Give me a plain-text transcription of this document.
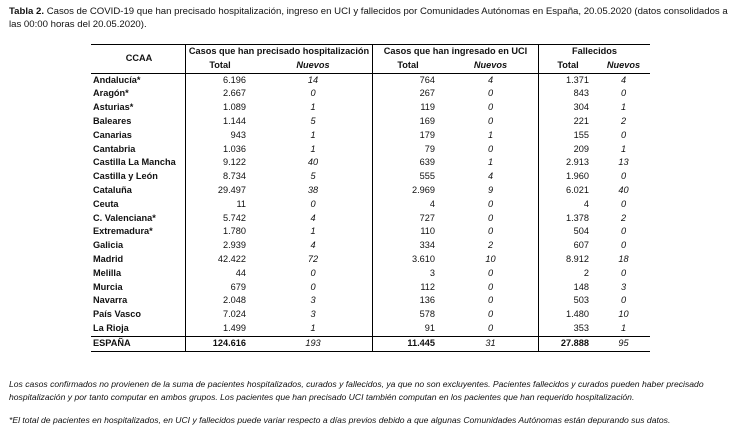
Tabla 2. Casos de COVID-19 que han precisado hospitalización, ingreso en UCI y fallecidos por Comunidades Autónomas en España, 20.05.2020 (datos consolidados a las 00:00 horas del 20.05.2020).
CCAA	Casos que han precisado hospitalización		Casos que han ingresado en UCI		Fallecidos	
	Total	Nuevos	Total	Nuevos	Total	Nuevos
Andalucía*	6.196	14	764	4	1.371	4
Aragón*	2.667	0	267	0	843	0
Asturias*	1.089	1	119	0	304	1
Baleares	1.144	5	169	0	221	2
Canarias	943	1	179	1	155	0
Cantabria	1.036	1	79	0	209	1
Castilla La Mancha	9.122	40	639	1	2.913	13
Castilla y León	8.734	5	555	4	1.960	0
Cataluña	29.497	38	2.969	9	6.021	40
Ceuta	11	0	4	0	4	0
C. Valenciana*	5.742	4	727	0	1.378	2
Extremadura*	1.780	1	110	0	504	0
Galicia	2.939	4	334	2	607	0
Madrid	42.422	72	3.610	10	8.912	18
Melilla	44	0	3	0	2	0
Murcia	679	0	112	0	148	3
Navarra	2.048	3	136	0	503	0
País Vasco	7.024	3	578	0	1.480	10
La Rioja	1.499	1	91	0	353	1
ESPAÑA	124.616	193	11.445	31	27.888	95
Los casos confirmados no provienen de la suma de pacientes hospitalizados, curados y fallecidos, ya que no son excluyentes. Pacientes fallecidos y curados pueden haber precisado hospitalización y por tanto computar en ambos grupos. Los pacientes que han precisado UCI también computan en los pacientes que han requerido hospitalización.
*El total de pacientes en hospitalizados, en UCI y fallecidos puede variar respecto a días previos debido a que algunas Comunidades Autónomas están depurando sus datos.
